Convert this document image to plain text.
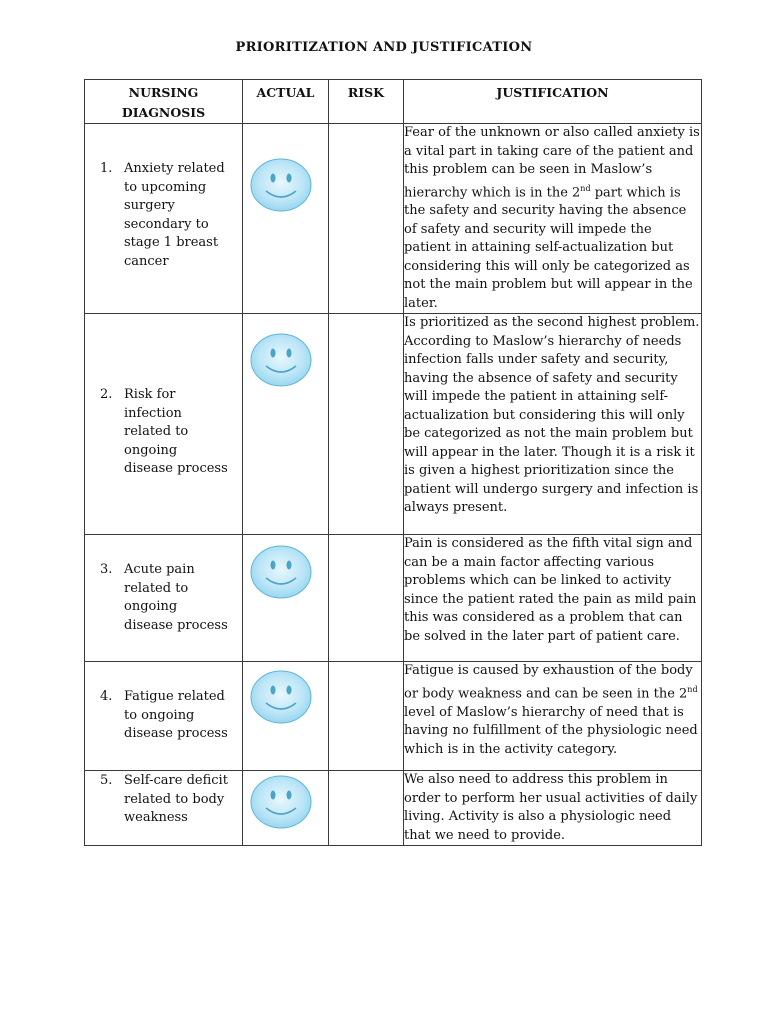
PRIORITIZATION AND JUSTIFICATION
NURSING DIAGNOSIS	ACTUAL	RISK	JUSTIFICATION

1. Anxiety related to upcoming surgery secondary to stage 1 breast cancer			Fear of the unknown or also called anxiety is a vital part in taking care of the patient and this problem can be seen in Maslow’s hierarchy which is in the 2nd part which is the safety and security having the absence of safety and security will impede the patient in attaining self-actualization but considering this will only be categorized as not the main problem but will appear in the later.

2. Risk for infection related to ongoing disease process			Is prioritized as the second highest problem. According to Maslow’s hierarchy of needs infection falls under safety and security, having the absence of safety and security will impede the patient in attaining self-actualization but considering this will only be categorized as not the main problem but will appear in the later. Though it is a risk it is given a highest prioritization since the patient will undergo surgery and infection is always present.

3. Acute pain related to ongoing disease process			Pain is considered as the fifth vital sign and can be a main factor affecting various problems which can be linked to activity since the patient rated the pain as mild pain this was considered as a problem that can be solved in the later part of patient care.

4. Fatigue related to ongoing disease process			Fatigue is caused by exhaustion of the body or body weakness and can be seen in the 2nd level of Maslow’s hierarchy of need that is having no fulfillment of the physiologic need which is in the activity category.

5. Self-care deficit related to body weakness			We also need to address this problem in order to perform her usual activities of daily living. Activity is also a physiologic need that we need to provide.
